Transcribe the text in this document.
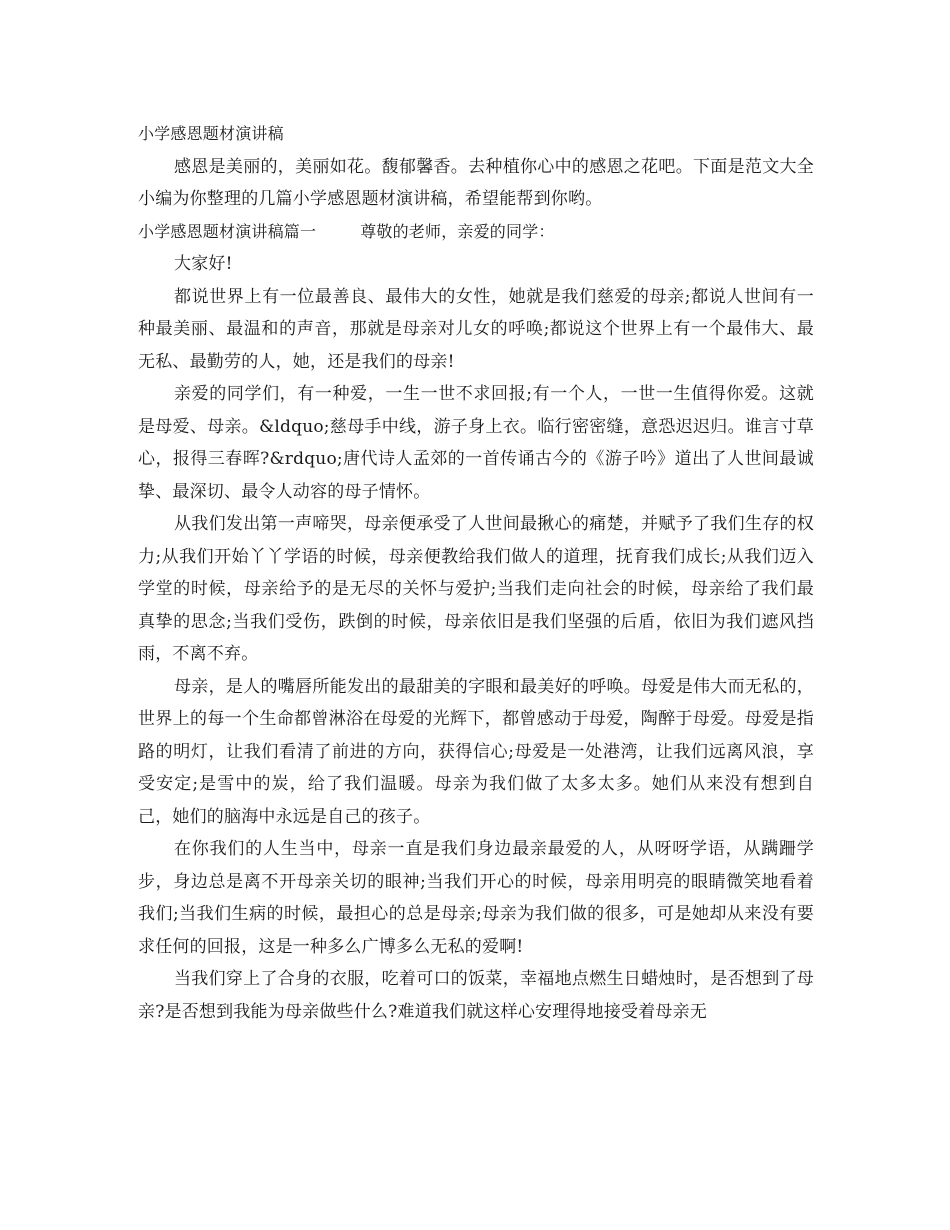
小学感恩题材演讲稿

感恩是美丽的，美丽如花。馥郁馨香。去种植你心中的感恩之花吧。下面是范文大全小编为你整理的几篇小学感恩题材演讲稿，希望能帮到你哟。

小学感恩题材演讲稿篇一	尊敬的老师，亲爱的同学：

大家好!

都说世界上有一位最善良、最伟大的女性，她就是我们慈爱的母亲;都说人世间有一种最美丽、最温和的声音，那就是母亲对儿女的呼唤;都说这个世界上有一个最伟大、最无私、最勤劳的人，她，还是我们的母亲!

亲爱的同学们，有一种爱，一生一世不求回报;有一个人，一世一生值得你爱。这就是母爱、母亲。&ldquo;慈母手中线，游子身上衣。临行密密缝，意恐迟迟归。谁言寸草心，报得三春晖?&rdquo;唐代诗人孟郊的一首传诵古今的《游子吟》道出了人世间最诚挚、最深切、最令人动容的母子情怀。

从我们发出第一声啼哭，母亲便承受了人世间最揪心的痛楚，并赋予了我们生存的权力;从我们开始丫丫学语的时候，母亲便教给我们做人的道理，抚育我们成长;从我们迈入学堂的时候，母亲给予的是无尽的关怀与爱护;当我们走向社会的时候，母亲给了我们最真挚的思念;当我们受伤，跌倒的时候，母亲依旧是我们坚强的后盾，依旧为我们遮风挡雨，不离不弃。

母亲，是人的嘴唇所能发出的最甜美的字眼和最美好的呼唤。母爱是伟大而无私的，世界上的每一个生命都曾淋浴在母爱的光辉下，都曾感动于母爱，陶醉于母爱。母爱是指路的明灯，让我们看清了前进的方向，获得信心;母爱是一处港湾，让我们远离风浪，享受安定;是雪中的炭，给了我们温暖。母亲为我们做了太多太多。她们从来没有想到自己，她们的脑海中永远是自己的孩子。

在你我们的人生当中，母亲一直是我们身边最亲最爱的人，从呀呀学语，从蹒跚学步，身边总是离不开母亲关切的眼神;当我们开心的时候，母亲用明亮的眼睛微笑地看着我们;当我们生病的时候，最担心的总是母亲;母亲为我们做的很多，可是她却从来没有要求任何的回报，这是一种多么广博多么无私的爱啊!

当我们穿上了合身的衣服，吃着可口的饭菜，幸福地点燃生日蜡烛时，是否想到了母亲?是否想到我能为母亲做些什么?难道我们就这样心安理得地接受着母亲无
